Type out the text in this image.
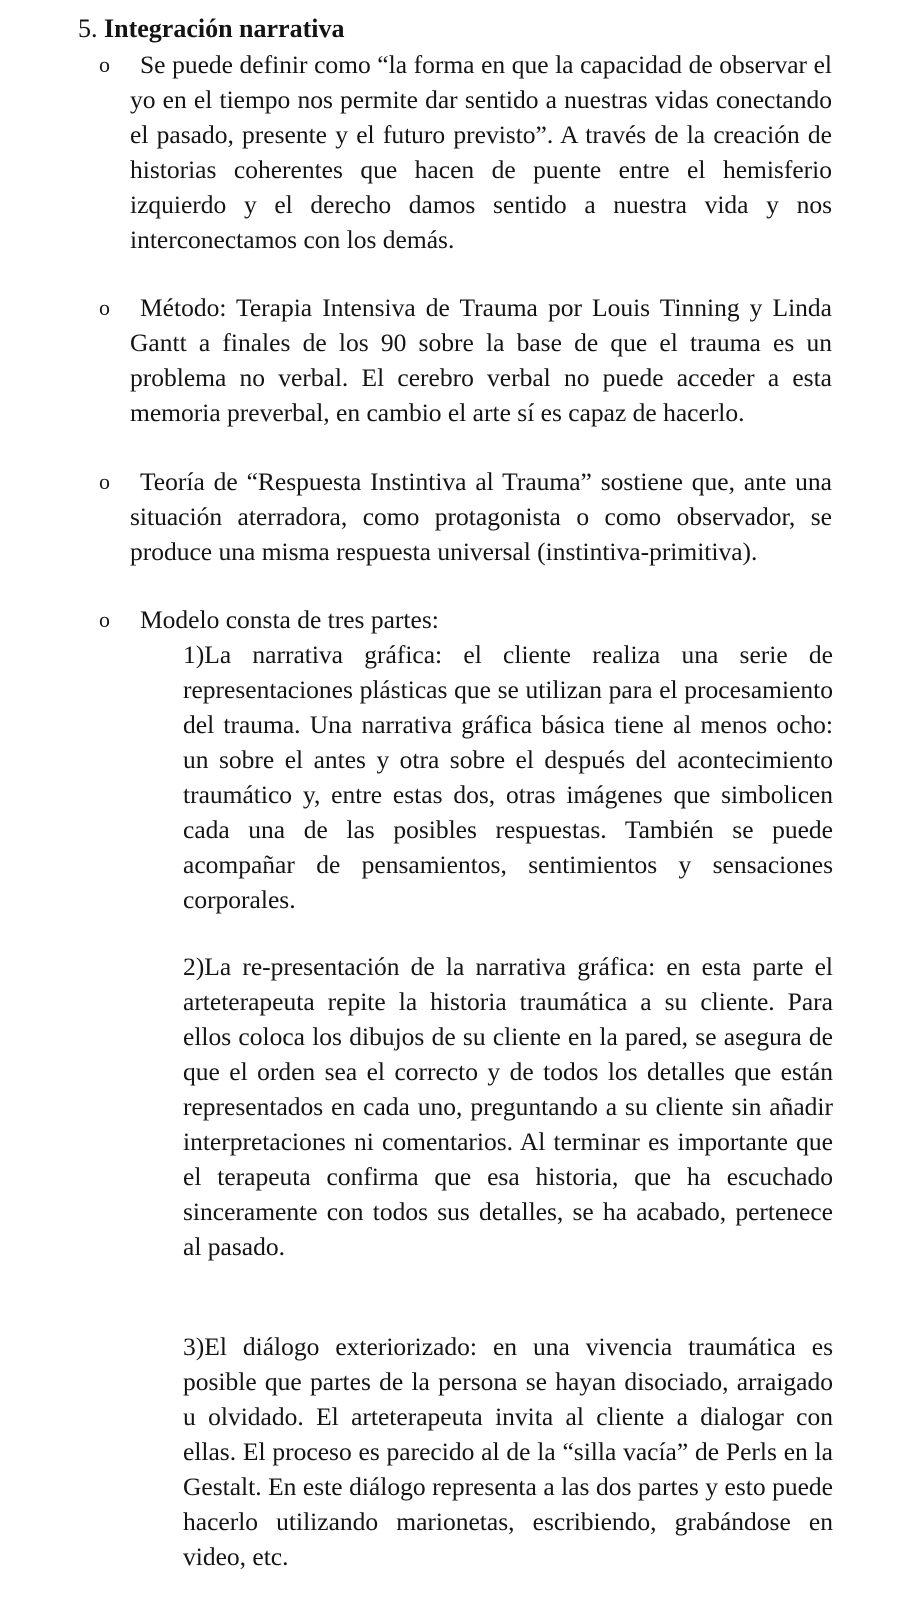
5. Integración narrativa
o	Se puede definir como “la forma en que la capacidad de observar el yo en el tiempo nos permite dar sentido a nuestras vidas conectando el pasado, presente y el futuro previsto”. A través de la creación de historias coherentes que hacen de puente entre el hemisferio izquierdo y el derecho damos sentido a nuestra vida y nos interconectamos con los demás.
o	Método: Terapia Intensiva de Trauma por Louis Tinning y Linda Gantt a finales de los 90 sobre la base de que el trauma es un problema no verbal. El cerebro verbal no puede acceder a esta memoria preverbal, en cambio el arte sí es capaz de hacerlo.
o	Teoría de “Respuesta Instintiva al Trauma” sostiene que, ante una situación aterradora, como protagonista o como observador, se produce una misma respuesta universal (instintiva-primitiva).
o	Modelo consta de tres partes:
1)La narrativa gráfica: el cliente realiza una serie de representaciones plásticas que se utilizan para el procesamiento del trauma. Una narrativa gráfica básica tiene al menos ocho: un sobre el antes y otra sobre el después del acontecimiento traumático y, entre estas dos, otras imágenes que simbolicen cada una de las posibles respuestas. También se puede acompañar de pensamientos, sentimientos y sensaciones corporales.
2)La re-presentación de la narrativa gráfica: en esta parte el arteterapeuta repite la historia traumática a su cliente. Para ellos coloca los dibujos de su cliente en la pared, se asegura de que el orden sea el correcto y de todos los detalles que están representados en cada uno, preguntando a su cliente sin añadir interpretaciones ni comentarios. Al terminar es importante que el terapeuta confirma que esa historia, que ha escuchado sinceramente con todos sus detalles, se ha acabado, pertenece al pasado.
3)El diálogo exteriorizado: en una vivencia traumática es posible que partes de la persona se hayan disociado, arraigado u olvidado. El arteterapeuta invita al cliente a dialogar con ellas. El proceso es parecido al de la “silla vacía” de Perls en la Gestalt. En este diálogo representa a las dos partes y esto puede hacerlo utilizando marionetas, escribiendo, grabándose en video, etc.
